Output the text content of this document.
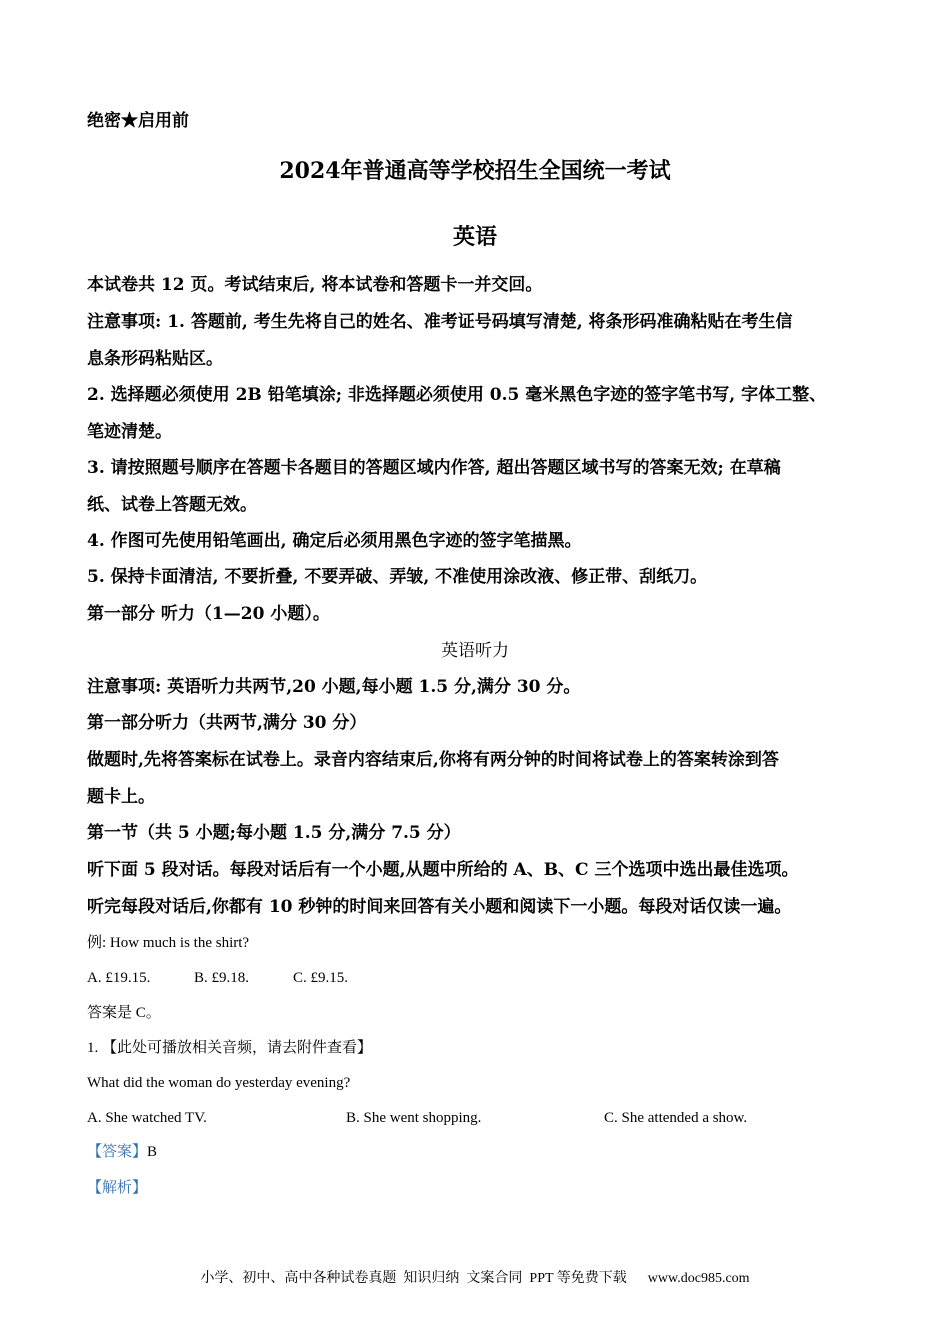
绝密★启用前
2024年普通高等学校招生全国统一考试
英语
本试卷共 12 页。考试结束后, 将本试卷和答题卡一并交回。
注意事项: 1. 答题前, 考生先将自己的姓名、准考证号码填写清楚, 将条形码准确粘贴在考生信
息条形码粘贴区。
2. 选择题必须使用 2B 铅笔填涂; 非选择题必须使用 0.5 毫米黑色字迹的签字笔书写, 字体工整、
笔迹清楚。
3. 请按照题号顺序在答题卡各题目的答题区域内作答, 超出答题区域书写的答案无效; 在草稿
纸、试卷上答题无效。
4. 作图可先使用铅笔画出, 确定后必须用黑色字迹的签字笔描黑。
5. 保持卡面清洁, 不要折叠, 不要弄破、弄皱, 不准使用涂改液、修正带、刮纸刀。
第一部分 听力（1—20 小题）。
英语听力
注意事项: 英语听力共两节,20 小题,每小题 1.5 分,满分 30 分。
第一部分听力（共两节,满分 30 分）
做题时,先将答案标在试卷上。录音内容结束后,你将有两分钟的时间将试卷上的答案转涂到答
题卡上。
第一节（共 5 小题;每小题 1.5 分,满分 7.5 分）
听下面 5 段对话。每段对话后有一个小题,从题中所给的 A、B、C 三个选项中选出最佳选项。
听完每段对话后,你都有 10 秒钟的时间来回答有关小题和阅读下一小题。每段对话仅读一遍。
例: How much is the shirt?
A. £19.15.	B. £9.18.	C. £9.15.
答案是 C。
1. 【此处可播放相关音频，请去附件查看】
What did the woman do yesterday evening?
A. She watched TV.	B. She went shopping.	C. She attended a show.
【答案】B
【解析】
小学、初中、高中各种试卷真题  知识归纳  文案合同  PPT 等免费下载      www.doc985.com
